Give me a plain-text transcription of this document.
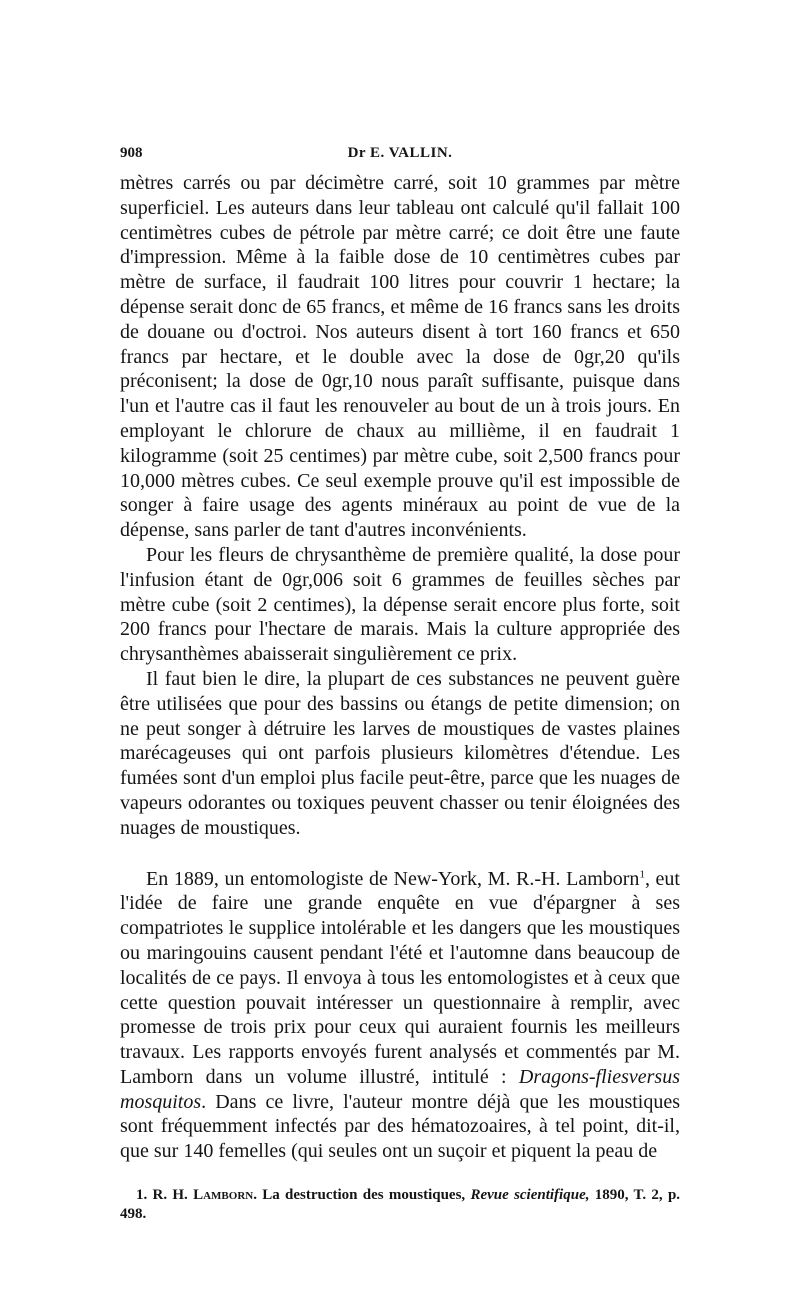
908	Dr E. VALLIN.

mètres carrés ou par décimètre carré, soit 10 grammes par mètre superficiel. Les auteurs dans leur tableau ont calculé qu'il fallait 100 centimètres cubes de pétrole par mètre carré; ce doit être une faute d'impression. Même à la faible dose de 10 centimètres cubes par mètre de surface, il faudrait 100 litres pour couvrir 1 hectare; la dépense serait donc de 65 francs, et même de 16 francs sans les droits de douane ou d'octroi. Nos auteurs disent à tort 160 francs et 650 francs par hectare, et le double avec la dose de 0gr,20 qu'ils préconisent; la dose de 0gr,10 nous paraît suffisante, puisque dans l'un et l'autre cas il faut les renouveler au bout de un à trois jours. En employant le chlorure de chaux au millième, il en faudrait 1 kilogramme (soit 25 centimes) par mètre cube, soit 2,500 francs pour 10,000 mètres cubes. Ce seul exemple prouve qu'il est impossible de songer à faire usage des agents minéraux au point de vue de la dépense, sans parler de tant d'autres inconvénients.

Pour les fleurs de chrysanthème de première qualité, la dose pour l'infusion étant de 0gr,006 soit 6 grammes de feuilles sèches par mètre cube (soit 2 centimes), la dépense serait encore plus forte, soit 200 francs pour l'hectare de marais. Mais la culture appropriée des chrysanthèmes abaisserait singulièrement ce prix.

Il faut bien le dire, la plupart de ces substances ne peuvent guère être utilisées que pour des bassins ou étangs de petite dimension; on ne peut songer à détruire les larves de moustiques de vastes plaines marécageuses qui ont parfois plusieurs kilomètres d'étendue. Les fumées sont d'un emploi plus facile peut-être, parce que les nuages de vapeurs odorantes ou toxiques peuvent chasser ou tenir éloignées des nuages de moustiques.

En 1889, un entomologiste de New-York, M. R.-H. Lamborn$^1$, eut l'idée de faire une grande enquête en vue d'épargner à ses compatriotes le supplice intolérable et les dangers que les moustiques ou maringouins causent pendant l'été et l'automne dans beaucoup de localités de ce pays. Il envoya à tous les entomologistes et à ceux que cette question pouvait intéresser un questionnaire à remplir, avec promesse de trois prix pour ceux qui auraient fournis les meilleurs travaux. Les rapports envoyés furent analysés et commentés par M. Lamborn dans un volume illustré, intitulé : Dragons-fliesversus mosquitos. Dans ce livre, l'auteur montre déjà que les moustiques sont fréquemment infectés par des hématozoaires, à tel point, dit-il, que sur 140 femelles (qui seules ont un suçoir et piquent la peau de

1. R. H. Lamborn. La destruction des moustiques, Revue scientifique, 1890, T. 2, p. 498.
